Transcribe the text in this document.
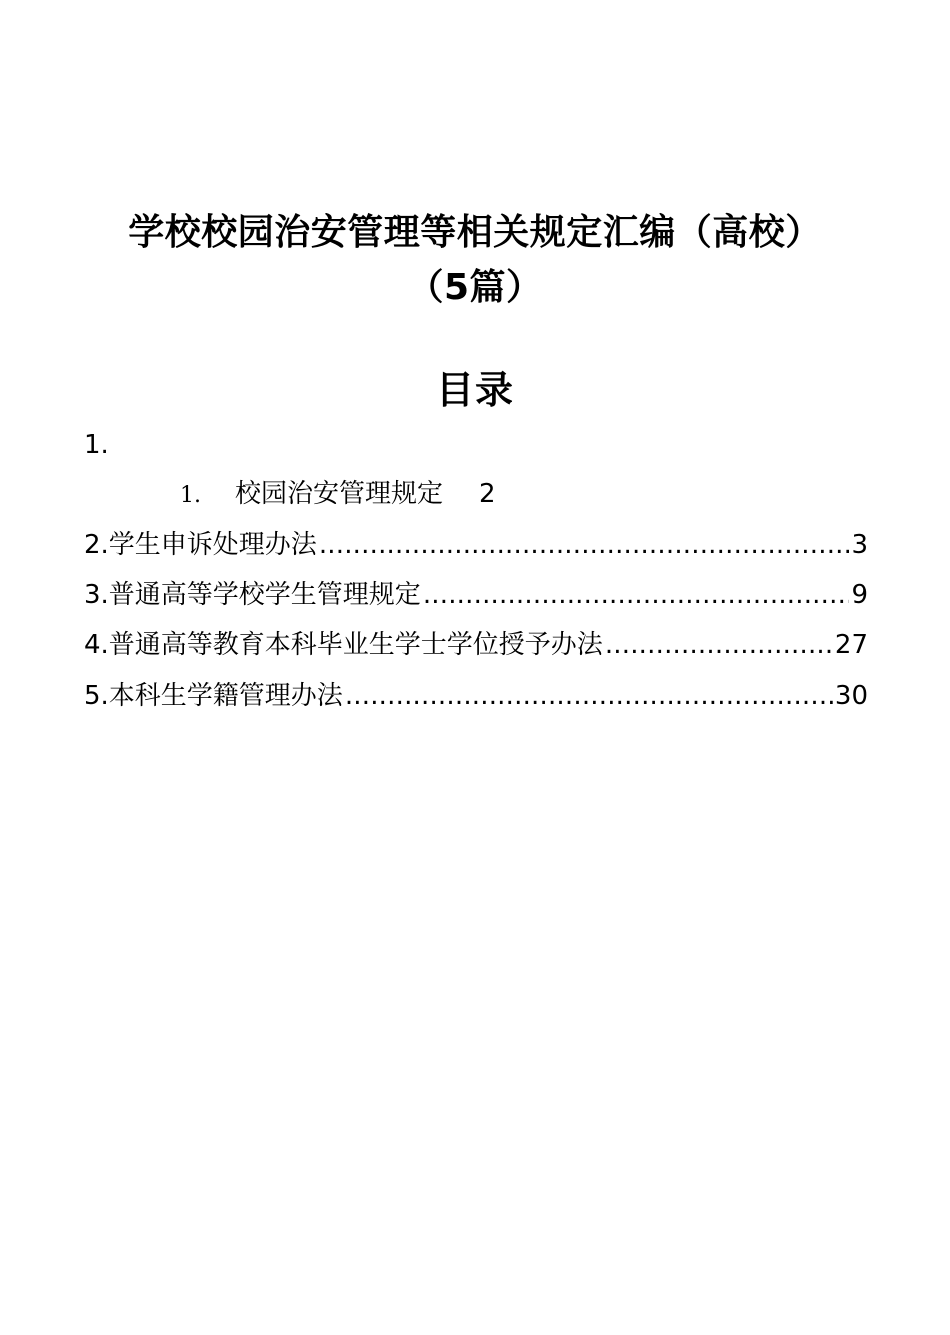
学校校园治安管理等相关规定汇编（高校）
（5篇）
目录
1.
1.	校园治安管理规定 2
2.学生申诉处理办法 .....	3
3.普通高等学校学生管理规定 .....	9
4.普通高等教育本科毕业生学士学位授予办法 .....	27
5.本科生学籍管理办法 .....	30
